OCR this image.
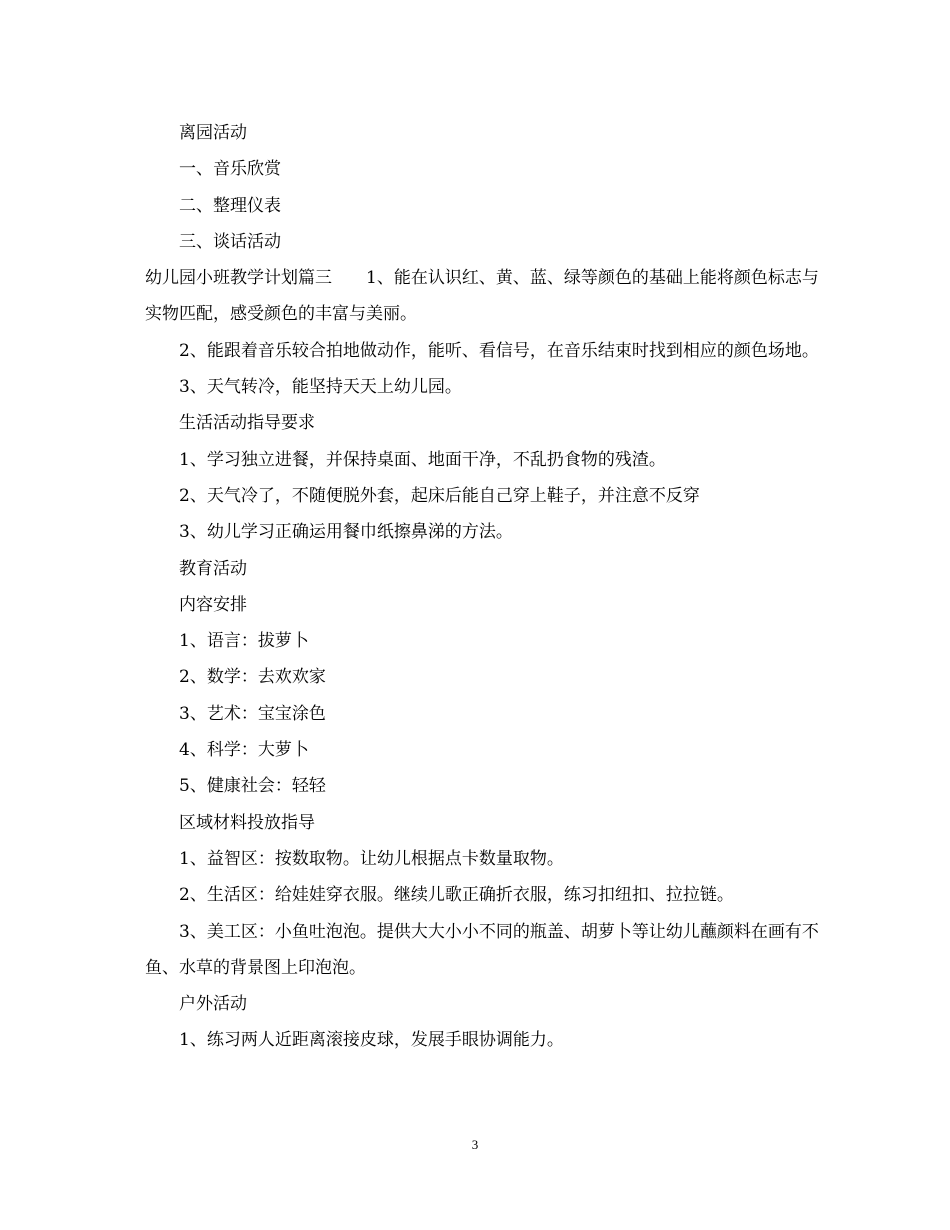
离园活动

一、音乐欣赏

二、整理仪表

三、谈话活动

幼儿园小班教学计划篇三　　1、能在认识红、黄、蓝、绿等颜色的基础上能将颜色标志与实物匹配，感受颜色的丰富与美丽。

2、能跟着音乐较合拍地做动作，能听、看信号，在音乐结束时找到相应的颜色场地。

3、天气转冷，能坚持天天上幼儿园。

生活活动指导要求

1、学习独立进餐，并保持桌面、地面干净，不乱扔食物的残渣。

2、天气冷了，不随便脱外套，起床后能自己穿上鞋子，并注意不反穿

3、幼儿学习正确运用餐巾纸擦鼻涕的方法。

教育活动

内容安排

1、语言：拔萝卜

2、数学：去欢欢家

3、艺术：宝宝涂色

4、科学：大萝卜

5、健康社会：轻轻

区域材料投放指导

1、益智区：按数取物。让幼儿根据点卡数量取物。

2、生活区：给娃娃穿衣服。继续儿歌正确折衣服，练习扣纽扣、拉拉链。

3、美工区：小鱼吐泡泡。提供大大小小不同的瓶盖、胡萝卜等让幼儿蘸颜料在画有不鱼、水草的背景图上印泡泡。

户外活动

1、练习两人近距离滚接皮球，发展手眼协调能力。

3
